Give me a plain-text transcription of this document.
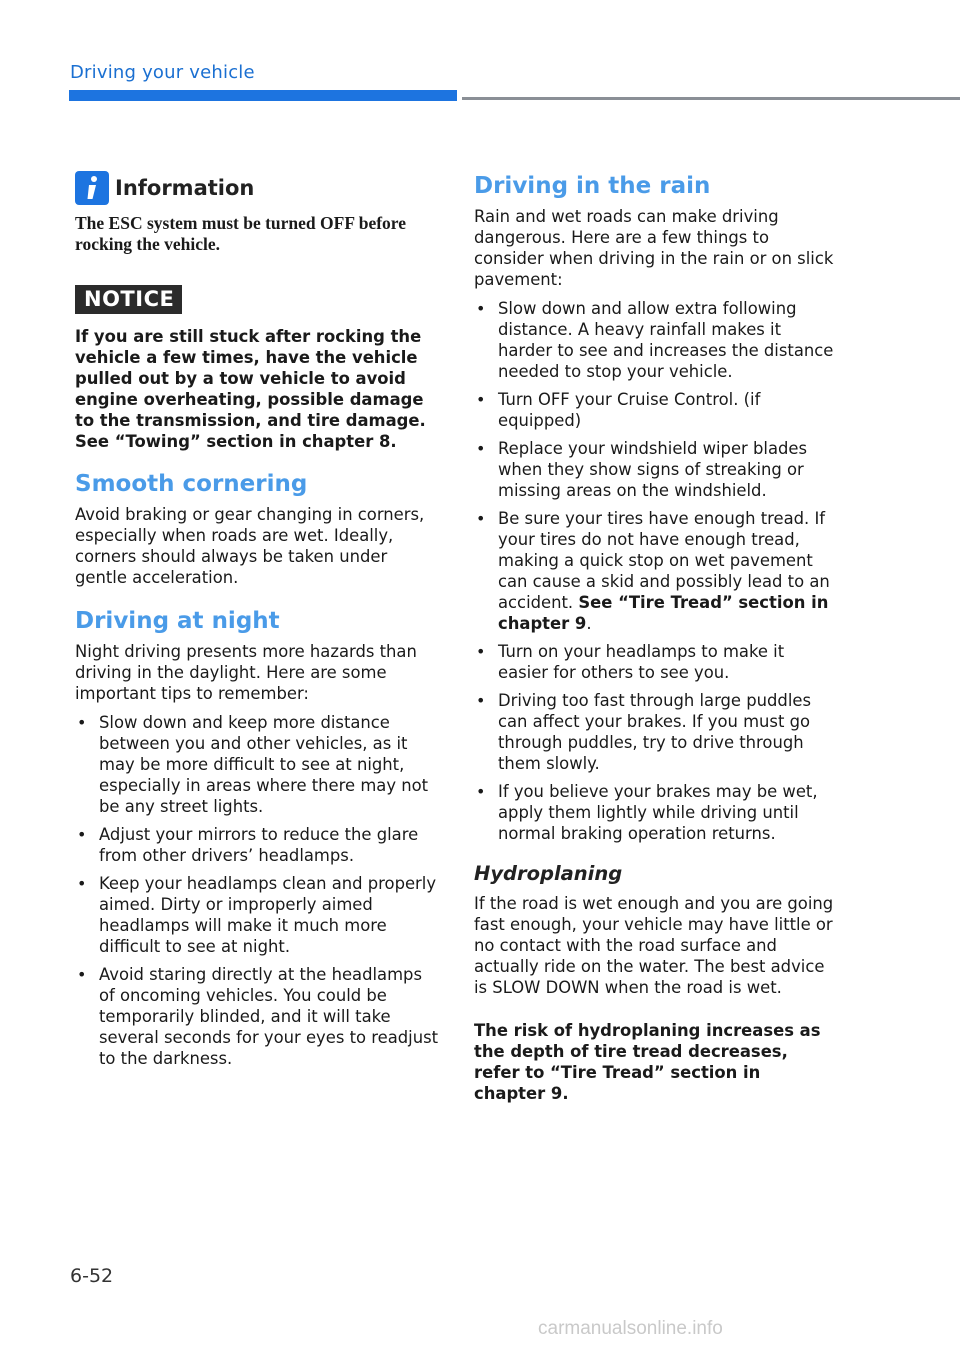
Driving your vehicle
Information
The ESC system must be turned OFF before rocking the vehicle.
NOTICE
If you are still stuck after rocking the vehicle a few times, have the vehicle pulled out by a tow vehicle to avoid engine overheating, possible damage to the transmission, and tire damage. See “Towing” section in chapter 8.
Smooth cornering
Avoid braking or gear changing in corners, especially when roads are wet. Ideally, corners should always be taken under gentle acceleration.
Driving at night
Night driving presents more hazards than driving in the daylight. Here are some important tips to remember:
• Slow down and keep more distance between you and other vehicles, as it may be more difficult to see at night, especially in areas where there may not be any street lights.
• Adjust your mirrors to reduce the glare from other drivers’ headlamps.
• Keep your headlamps clean and properly aimed. Dirty or improperly aimed headlamps will make it much more difficult to see at night.
• Avoid staring directly at the headlamps of oncoming vehicles. You could be temporarily blinded, and it will take several seconds for your eyes to readjust to the darkness.
Driving in the rain
Rain and wet roads can make driving dangerous. Here are a few things to consider when driving in the rain or on slick pavement:
• Slow down and allow extra following distance. A heavy rainfall makes it harder to see and increases the distance needed to stop your vehicle.
• Turn OFF your Cruise Control. (if equipped)
• Replace your windshield wiper blades when they show signs of streaking or missing areas on the windshield.
• Be sure your tires have enough tread. If your tires do not have enough tread, making a quick stop on wet pavement can cause a skid and possibly lead to an accident. See “Tire Tread” section in chapter 9.
• Turn on your headlamps to make it easier for others to see you.
• Driving too fast through large puddles can affect your brakes. If you must go through puddles, try to drive through them slowly.
• If you believe your brakes may be wet, apply them lightly while driving until normal braking operation returns.
Hydroplaning
If the road is wet enough and you are going fast enough, your vehicle may have little or no contact with the road surface and actually ride on the water. The best advice is SLOW DOWN when the road is wet.
The risk of hydroplaning increases as the depth of tire tread decreases, refer to “Tire Tread” section in chapter 9.
6-52
carmanualsonline.info
